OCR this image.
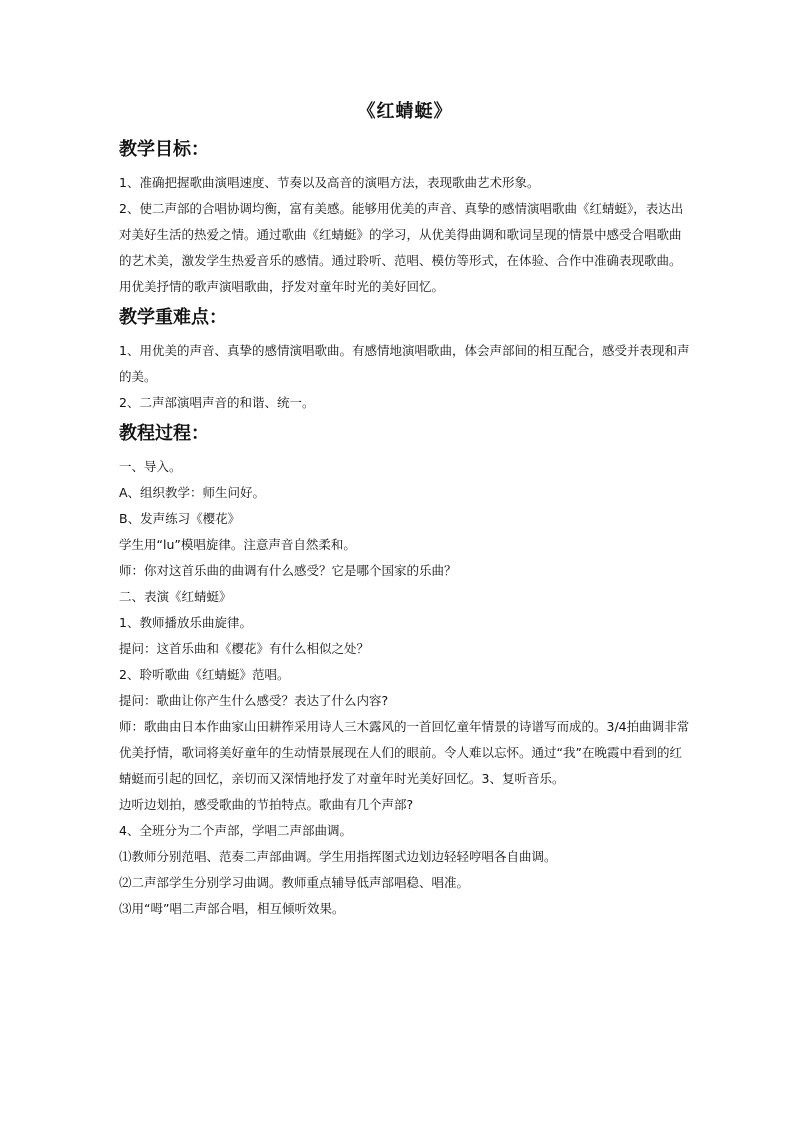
《红蜻蜓》
教学目标：

1、准确把握歌曲演唱速度、节奏以及高音的演唱方法，表现歌曲艺术形象。

2、使二声部的合唱协调均衡，富有美感。能够用优美的声音、真挚的感情演唱歌曲《红蜻蜓》，表达出对美好生活的热爱之情。通过歌曲《红蜻蜓》的学习，从优美得曲调和歌词呈现的情景中感受合唱歌曲的艺术美，激发学生热爱音乐的感情。通过聆听、范唱、模仿等形式，在体验、合作中准确表现歌曲。用优美抒情的歌声演唱歌曲，抒发对童年时光的美好回忆。

教学重难点：

1、用优美的声音、真挚的感情演唱歌曲。有感情地演唱歌曲，体会声部间的相互配合，感受并表现和声的美。

2、二声部演唱声音的和谐、统一。

教程过程：

一、导入。

A、组织教学：师生问好。

B、发声练习《樱花》

学生用“lu”模唱旋律。注意声音自然柔和。

师：你对这首乐曲的曲调有什么感受？它是哪个国家的乐曲？

二、表演《红蜻蜓》

1、教师播放乐曲旋律。

提问：这首乐曲和《樱花》有什么相似之处？

2、聆听歌曲《红蜻蜓》范唱。

提问：歌曲让你产生什么感受？表达了什么内容?

师：歌曲由日本作曲家山田耕筰采用诗人三木露风的一首回忆童年情景的诗谱写而成的。3/4拍曲调非常优美抒情，歌词将美好童年的生动情景展现在人们的眼前。令人难以忘怀。通过“我”在晚霞中看到的红蜻蜓而引起的回忆，亲切而又深情地抒发了对童年时光美好回忆。3、复听音乐。

边听边划拍，感受歌曲的节拍特点。歌曲有几个声部?

4、全班分为二个声部，学唱二声部曲调。

⑴教师分别范唱、范奏二声部曲调。学生用指挥图式边划边轻轻哼唱各自曲调。

⑵二声部学生分别学习曲调。教师重点辅导低声部唱稳、唱准。

⑶用“呣”唱二声部合唱，相互倾听效果。
